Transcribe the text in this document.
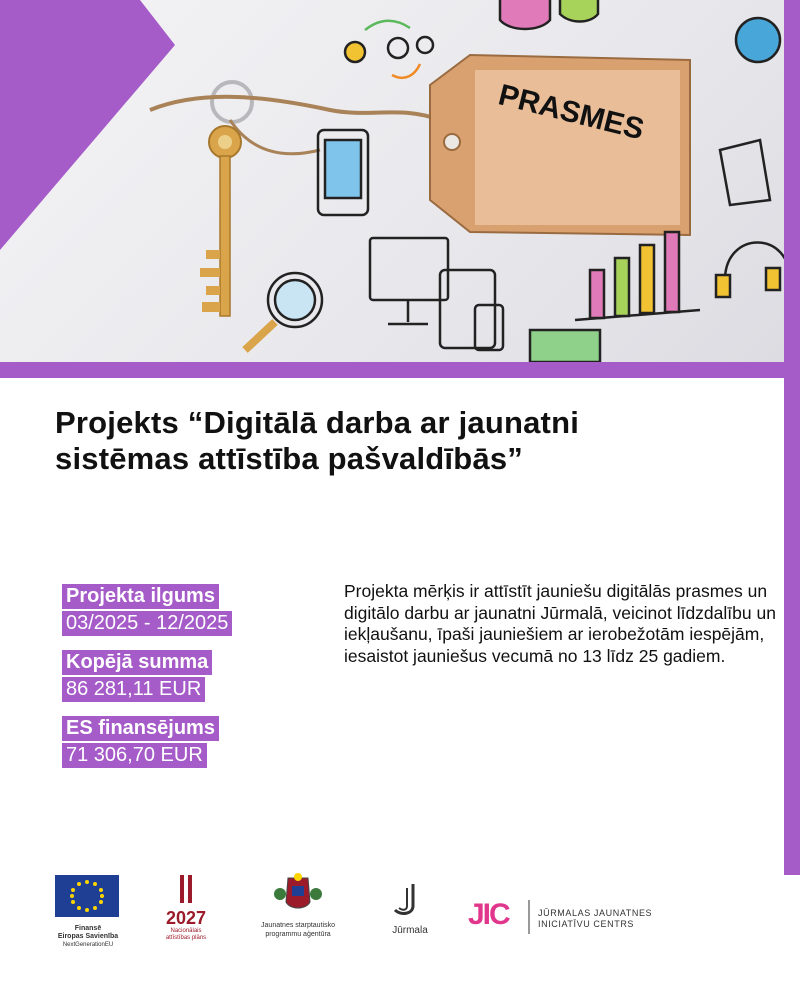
PRASMES
Projekts “Digitālā darba ar jaunatni sistēmas attīstība pašvaldībās”
Projekta ilgums
03/2025 - 12/2025
Kopējā summa
86 281,11 EUR
ES finansējums
71 306,70 EUR

Projekta mērķis ir attīstīt jauniešu digitālās prasmes un digitālo darbu ar jaunatni Jūrmalā, veicinot līdzdalību un iekļaušanu, īpaši jauniešiem ar ierobežotām iespējām, iesaistot jauniešus vecumā no 13 līdz 25 gadiem.

Finansē
Eiropas Savienība
NextGenerationEU
2027
Nacionālais
attīstības plāns
Jaunatnes starptautisko
programmu aģentūra	Jūrmala JIC	JŪRMALAS JAUNATNES
INICIATĪVU CENTRS
